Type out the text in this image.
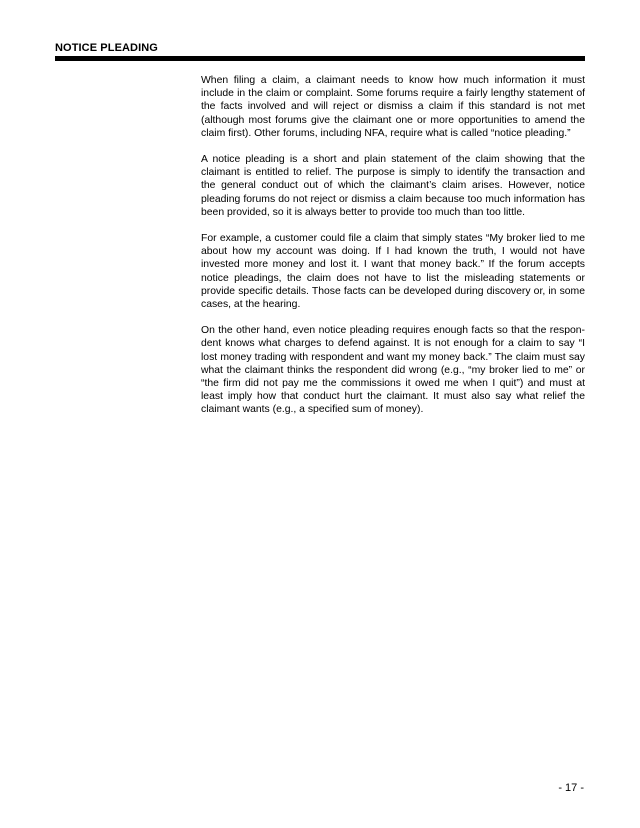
NOTICE PLEADING

When filing a claim, a claimant needs to know how much information it must include in the claim or complaint. Some forums require a fairly lengthy statement of the facts involved and will reject or dismiss a claim if this standard is not met (although most forums give the claimant one or more opportunities to amend the claim first). Other forums, including NFA, require what is called “notice pleading.”

A notice pleading is a short and plain statement of the claim showing that the claimant is entitled to relief. The purpose is simply to identify the transaction and the general conduct out of which the claimant’s claim arises. However, notice pleading forums do not reject or dismiss a claim because too much information has been provided, so it is always better to provide too much than too little.

For example, a customer could file a claim that simply states “My broker lied to me about how my account was doing. If I had known the truth, I would not have invested more money and lost it. I want that money back.” If the forum accepts notice pleadings, the claim does not have to list the misleading statements or provide specific details. Those facts can be developed during discovery or, in some cases, at the hearing.

On the other hand, even notice pleading requires enough facts so that the respondent knows what charges to defend against. It is not enough for a claim to say “I lost money trading with respondent and want my money back.” The claim must say what the claimant thinks the respondent did wrong (e.g., “my broker lied to me” or “the firm did not pay me the commissions it owed me when I quit”) and must at least imply how that conduct hurt the claimant. It must also say what relief the claimant wants (e.g., a specified sum of money).

- 17 -
